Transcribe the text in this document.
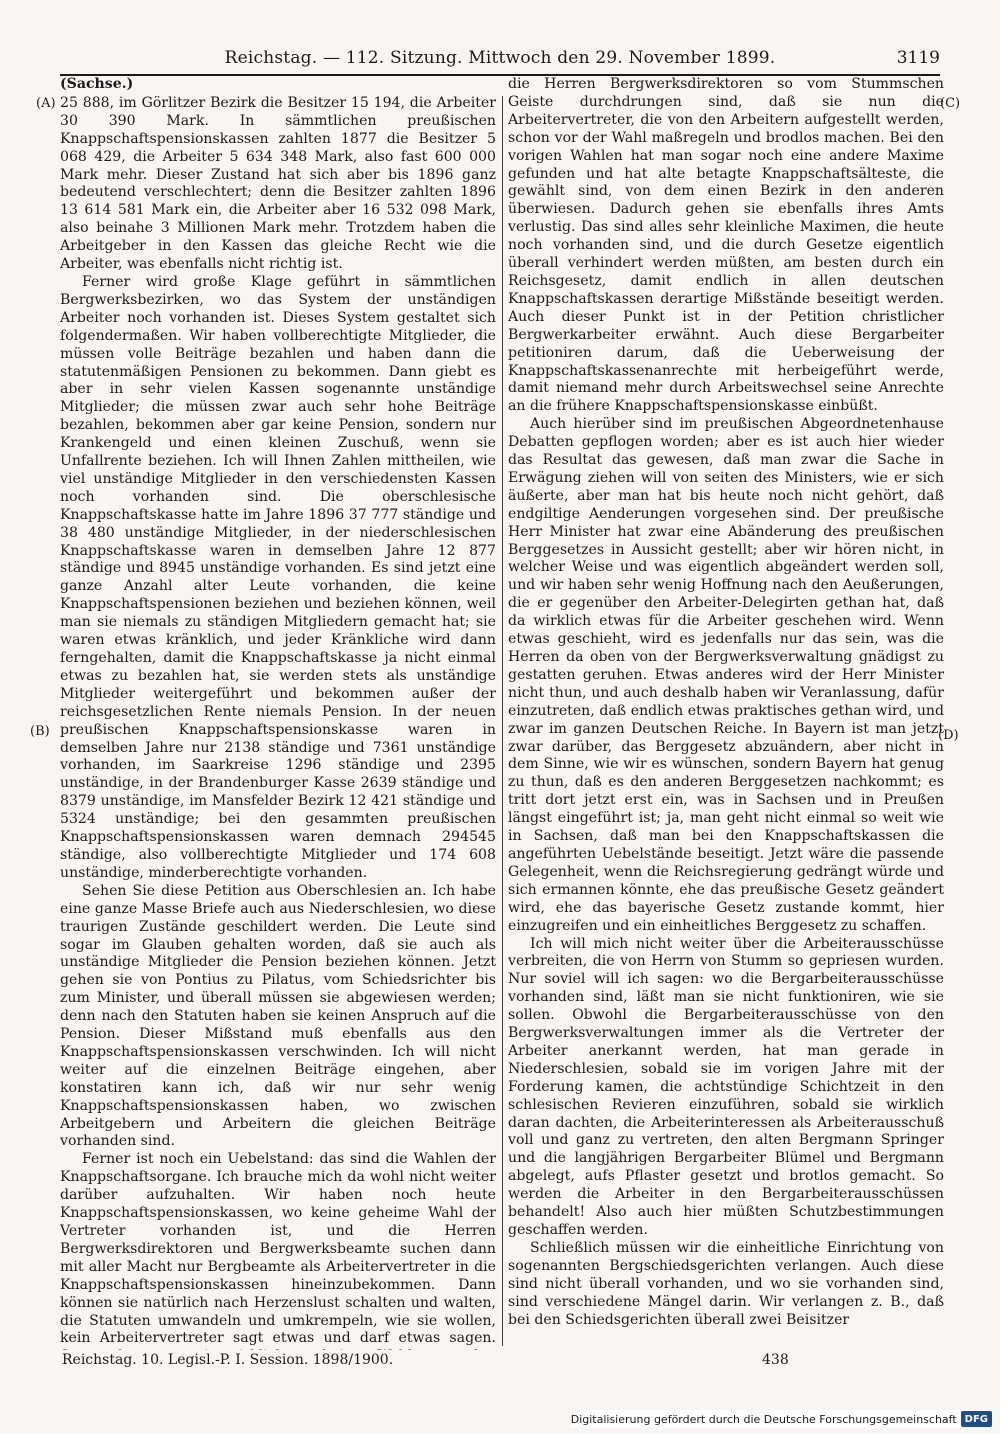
Reichstag. — 112. Sitzung. Mittwoch den 29. November 1899.	3119
(A)
(B)
(C)
(D)
(Sachse.)

25 888, im Görlitzer Bezirk die Besitzer 15 194, die Arbeiter 30 390 Mark. In sämmtlichen preußischen Knappschaftspensionskassen zahlten 1877 die Besitzer 5 068 429, die Arbeiter 5 634 348 Mark, also fast 600 000 Mark mehr. Dieser Zustand hat sich aber bis 1896 ganz bedeutend verschlechtert; denn die Besitzer zahlten 1896 13 614 581 Mark ein, die Arbeiter aber 16 532 098 Mark, also beinahe 3 Millionen Mark mehr. Trotzdem haben die Arbeitgeber in den Kassen das gleiche Recht wie die Arbeiter, was ebenfalls nicht richtig ist.

Ferner wird große Klage geführt in sämmtlichen Bergwerksbezirken, wo das System der unständigen Arbeiter noch vorhanden ist. Dieses System gestaltet sich folgendermaßen. Wir haben vollberechtigte Mitglieder, die müssen volle Beiträge bezahlen und haben dann die statutenmäßigen Pensionen zu bekommen. Dann giebt es aber in sehr vielen Kassen sogenannte unständige Mitglieder; die müssen zwar auch sehr hohe Beiträge bezahlen, bekommen aber gar keine Pension, sondern nur Krankengeld und einen kleinen Zuschuß, wenn sie Unfallrente beziehen. Ich will Ihnen Zahlen mittheilen, wie viel unständige Mitglieder in den verschiedensten Kassen noch vorhanden sind. Die oberschlesische Knappschaftskasse hatte im Jahre 1896 37 777 ständige und 38 480 unständige Mitglieder, in der niederschlesischen Knappschaftskasse waren in demselben Jahre 12 877 ständige und 8945 unständige vorhanden. Es sind jetzt eine ganze Anzahl alter Leute vorhanden, die keine Knappschaftspensionen beziehen und beziehen können, weil man sie niemals zu ständigen Mitgliedern gemacht hat; sie waren etwas kränklich, und jeder Kränkliche wird dann ferngehalten, damit die Knappschaftskasse ja nicht einmal etwas zu bezahlen hat, sie werden stets als unständige Mitglieder weitergeführt und bekommen außer der reichsgesetzlichen Rente niemals Pension. In der neuen preußischen Knappschaftspensionskasse waren in demselben Jahre nur 2138 ständige und 7361 unständige vorhanden, im Saarkreise 1296 ständige und 2395 unständige, in der Brandenburger Kasse 2639 ständige und 8379 unständige, im Mansfelder Bezirk 12 421 ständige und 5324 unständige; bei den gesammten preußischen Knappschaftspensionskassen waren demnach 294545 ständige, also vollberechtigte Mitglieder und 174 608 unständige, minderberechtigte vorhanden.

Sehen Sie diese Petition aus Oberschlesien an. Ich habe eine ganze Masse Briefe auch aus Niederschlesien, wo diese traurigen Zustände geschildert werden. Die Leute sind sogar im Glauben gehalten worden, daß sie auch als unständige Mitglieder die Pension beziehen können. Jetzt gehen sie von Pontius zu Pilatus, vom Schiedsrichter bis zum Minister, und überall müssen sie abgewiesen werden; denn nach den Statuten haben sie keinen Anspruch auf die Pension. Dieser Mißstand muß ebenfalls aus den Knappschaftspensionskassen verschwinden. Ich will nicht weiter auf die einzelnen Beiträge eingehen, aber konstatiren kann ich, daß wir nur sehr wenig Knappschaftspensionskassen haben, wo zwischen Arbeitgebern und Arbeitern die gleichen Beiträge vorhanden sind.

Ferner ist noch ein Uebelstand: das sind die Wahlen der Knappschaftsorgane. Ich brauche mich da wohl nicht weiter darüber aufzuhalten. Wir haben noch heute Knappschaftspensionskassen, wo keine geheime Wahl der Vertreter vorhanden ist, und die Herren Bergwerksdirektoren und Bergwerksbeamte suchen dann mit aller Macht nur Bergbeamte als Arbeitervertreter in die Knappschaftspensionskassen hineinzubekommen. Dann können sie natürlich nach Herzenslust schalten und walten, die Statuten umwandeln und umkrempeln, wie sie wollen, kein Arbeitervertreter sagt etwas und darf etwas sagen.

die Herren Bergwerksdirektoren so vom Stummschen Geiste durchdrungen sind, daß sie nun die Arbeitervertreter, die von den Arbeitern aufgestellt werden, schon vor der Wahl maßregeln und brodlos machen. Bei den vorigen Wahlen hat man sogar noch eine andere Maxime gefunden und hat alte betagte Knappschaftsälteste, die gewählt sind, von dem einen Bezirk in den anderen überwiesen. Dadurch gehen sie ebenfalls ihres Amts verlustig. Das sind alles sehr kleinliche Maximen, die heute noch vorhanden sind, und die durch Gesetze eigentlich überall verhindert werden müßten, am besten durch ein Reichsgesetz, damit endlich in allen deutschen Knappschaftskassen derartige Mißstände beseitigt werden. Auch dieser Punkt ist in der Petition christlicher Bergwerkarbeiter erwähnt. Auch diese Bergarbeiter petitioniren darum, daß die Ueberweisung der Knappschaftskassenanrechte mit herbeigeführt werde, damit niemand mehr durch Arbeitswechsel seine Anrechte an die frühere Knappschaftspensionskasse einbüßt.

Auch hierüber sind im preußischen Abgeordnetenhause Debatten gepflogen worden; aber es ist auch hier wieder das Resultat das gewesen, daß man zwar die Sache in Erwägung ziehen will von seiten des Ministers, wie er sich äußerte, aber man hat bis heute noch nicht gehört, daß endgiltige Aenderungen vorgesehen sind. Der preußische Herr Minister hat zwar eine Abänderung des preußischen Berggesetzes in Aussicht gestellt; aber wir hören nicht, in welcher Weise und was eigentlich abgeändert werden soll, und wir haben sehr wenig Hoffnung nach den Aeußerungen, die er gegenüber den Arbeiter-Delegirten gethan hat, daß da wirklich etwas für die Arbeiter geschehen wird. Wenn etwas geschieht, wird es jedenfalls nur das sein, was die Herren da oben von der Bergwerksverwaltung gnädigst zu gestatten geruhen. Etwas anderes wird der Herr Minister nicht thun, und auch deshalb haben wir Veranlassung, dafür einzutreten, daß endlich etwas praktisches gethan wird, und zwar im ganzen Deutschen Reiche. In Bayern ist man jetzt zwar darüber, das Berggesetz abzuändern, aber nicht in dem Sinne, wie wir es wünschen, sondern Bayern hat genug zu thun, daß es den anderen Berggesetzen nachkommt; es tritt dort jetzt erst ein, was in Sachsen und in Preußen längst eingeführt ist; ja, man geht nicht einmal so weit wie in Sachsen, daß man bei den Knappschaftskassen die angeführten Uebelstände beseitigt. Jetzt wäre die passende Gelegenheit, wenn die Reichsregierung gedrängt würde und sich ermannen könnte, ehe das preußische Gesetz geändert wird, ehe das bayerische Gesetz zustande kommt, hier einzugreifen und ein einheitliches Berggesetz zu schaffen.

Ich will mich nicht weiter über die Arbeiterausschüsse verbreiten, die von Herrn von Stumm so gepriesen wurden. Nur soviel will ich sagen: wo die Bergarbeiterausschüsse vorhanden sind, läßt man sie nicht funktioniren, wie sie sollen. Obwohl die Bergarbeiterausschüsse von den Bergwerksverwaltungen immer als die Vertreter der Arbeiter anerkannt werden, hat man gerade in Niederschlesien, sobald sie im vorigen Jahre mit der Forderung kamen, die achtstündige Schichtzeit in den schlesischen Revieren einzuführen, sobald sie wirklich daran dachten, die Arbeiterinteressen als Arbeiterausschuß voll und ganz zu vertreten, den alten Bergmann Springer und die langjährigen Bergarbeiter Blümel und Bergmann abgelegt, aufs Pflaster gesetzt und brotlos gemacht. So werden die Arbeiter in den Bergarbeiterausschüssen behandelt! Also auch hier müßten Schutzbestimmungen geschaffen werden.

Schließlich müssen wir die einheitliche Einrichtung von sogenannten Bergschiedsgerichten verlangen. Auch diese sind nicht überall vorhanden, und wo sie vorhanden sind, sind verschiedene Mängel darin. Wir verlangen z. B., daß bei den Schiedsgerichten überall zwei Beisitzer

Reichstag. 10. Legisl.-P. I. Session. 1898/1900.	438
Digitalisierung gefördert durch die Deutsche Forschungsgemeinschaft DFG
